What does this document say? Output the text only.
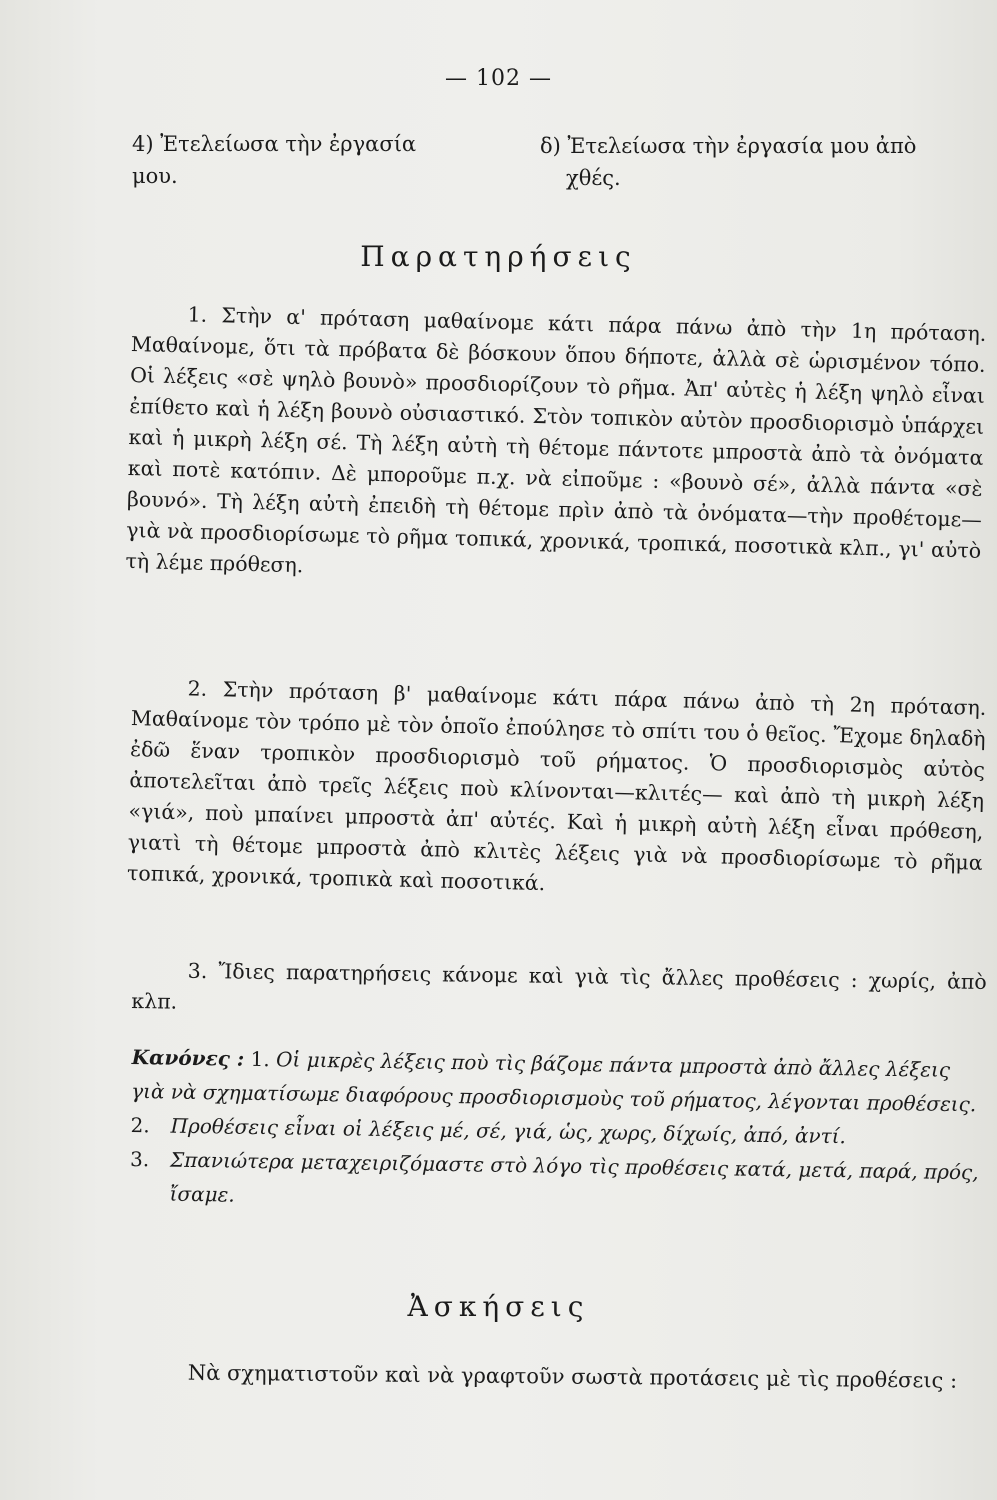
— 102 —
4) Ἐτελείωσα τὴν ἐργασία μου.
δ) Ἐτελείωσα τὴν ἐργασία μου ἀπὸ
χθές.
Παρατηρήσεις
1. Στὴν α' πρόταση μαθαίνομε κάτι πάρα πάνω ἀπὸ τὴν 1η πρόταση. Μαθαίνομε, ὅτι τὰ πρόβατα δὲ βόσκουν ὅπου δήποτε, ἀλλὰ σὲ ὡρισμένον τόπο. Οἱ λέξεις «σὲ ψηλὸ βουνὸ» προσδιορίζουν τὸ ρῆμα. Ἀπ' αὐτὲς ἡ λέξη ψηλὸ εἶναι ἐπίθετο καὶ ἡ λέξη βουνὸ οὐσιαστικό. Στὸν τοπικὸν αὐτὸν προσδιορισμὸ ὑπάρχει καὶ ἡ μικρὴ λέξη σέ. Τὴ λέξη αὐτὴ τὴ θέτομε πάντοτε μπροστὰ ἀπὸ τὰ ὀνόματα καὶ ποτὲ κατόπιν. Δὲ μποροῦμε π.χ. νὰ εἰποῦμε : «βουνὸ σέ», ἀλλὰ πάντα «σὲ βουνό». Τὴ λέξη αὐτὴ ἐπειδὴ τὴ θέτομε πρὶν ἀπὸ τὰ ὀνόματα—τὴν προθέτομε—γιὰ νὰ προσδιορίσωμε τὸ ρῆμα τοπικά, χρονικά, τροπικά, ποσοτικὰ κλπ., γι' αὐτὸ τὴ λέμε πρόθεση.
2. Στὴν πρόταση β' μαθαίνομε κάτι πάρα πάνω ἀπὸ τὴ 2η πρόταση. Μαθαίνομε τὸν τρόπο μὲ τὸν ὁποῖο ἐπούλησε τὸ σπίτι του ὁ θεῖος. Ἔχομε δηλαδὴ ἐδῶ ἕναν τροπικὸν προσδιορισμὸ τοῦ ρήματος. Ὁ προσδιορισμὸς αὐτὸς ἀποτελεῖται ἀπὸ τρεῖς λέξεις ποὺ κλίνονται—κλιτές— καὶ ἀπὸ τὴ μικρὴ λέξη «γιά», ποὺ μπαίνει μπροστὰ ἀπ' αὐτές. Καὶ ἡ μικρὴ αὐτὴ λέξη εἶναι πρόθεση, γιατὶ τὴ θέτομε μπροστὰ ἀπὸ κλιτὲς λέξεις γιὰ νὰ προσδιορίσωμε τὸ ρῆμα τοπικά, χρονικά, τροπικὰ καὶ ποσοτικά.
3. Ἴδιες παρατηρήσεις κάνομε καὶ γιὰ τὶς ἄλλες προθέσεις : χωρίς, ἀπὸ κλπ.
Κανόνες : 1. Οἱ μικρὲς λέξεις ποὺ τὶς βάζομε πάντα μπροστὰ ἀπὸ ἄλλες λέξεις γιὰ νὰ σχηματίσωμε διαφόρους προσδιορισμοὺς τοῦ ρήματος, λέγονται προθέσεις.
2.	Προθέσεις εἶναι οἱ λέξεις μέ, σέ, γιά, ὡς, χωρς, δίχωίς, ἀπό, ἀντί.
3.	Σπανιώτερα μεταχειριζόμαστε στὸ λόγο τὶς προθέσεις κατά, μετά, παρά, πρός, ἴσαμε.
Ἀσκήσεις
Νὰ σχηματιστοῦν καὶ νὰ γραφτοῦν σωστὰ προτάσεις μὲ τὶς προθέσεις :
